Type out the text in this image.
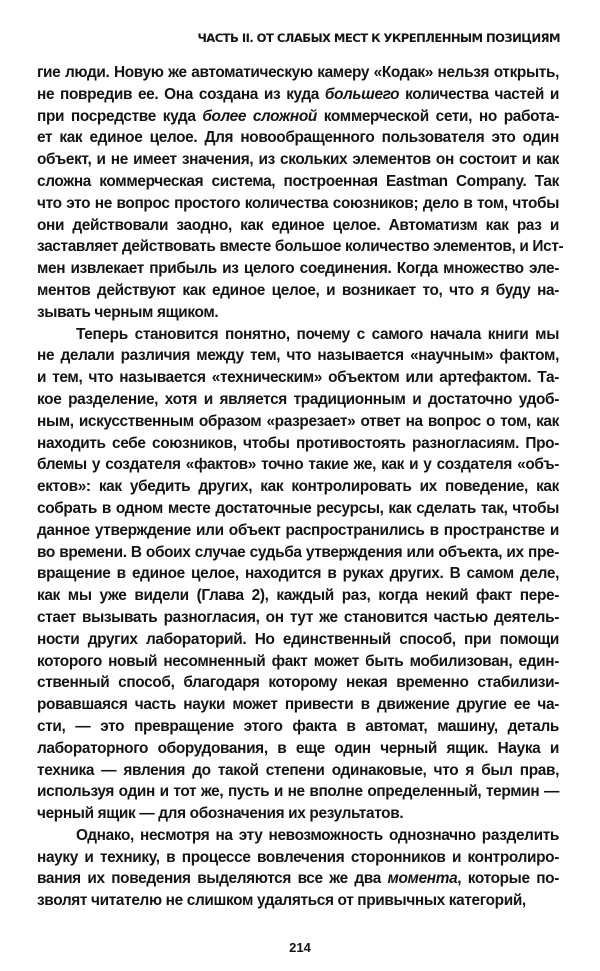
ЧАСТЬ II. ОТ СЛАБЫХ МЕСТ К УКРЕПЛЕННЫМ ПОЗИЦИЯМ
гие люди. Новую же автоматическую камеру «Кодак» нельзя открыть,
не повредив ее. Она создана из куда большего количества частей и
при посредстве куда более сложной коммерческой сети, но работа-
ет как единое целое. Для новообращенного пользователя это один
объект, и не имеет значения, из скольких элементов он состоит и как
сложна коммерческая система, построенная Eastman Company. Так
что это не вопрос простого количества союзников; дело в том, чтобы
они действовали заодно, как единое целое. Автоматизм как раз и
заставляет действовать вместе большое количество элементов, и Ист-
мен извлекает прибыль из целого соединения. Когда множество эле-
ментов действуют как единое целое, и возникает то, что я буду на-
зывать черным ящиком.
Теперь становится понятно, почему с самого начала книги мы
не делали различия между тем, что называется «научным» фактом,
и тем, что называется «техническим» объектом или артефактом. Та-
кое разделение, хотя и является традиционным и достаточно удоб-
ным, искусственным образом «разрезает» ответ на вопрос о том, как
находить себе союзников, чтобы противостоять разногласиям. Про-
блемы у создателя «фактов» точно такие же, как и у создателя «объ-
ектов»: как убедить других, как контролировать их поведение, как
собрать в одном месте достаточные ресурсы, как сделать так, чтобы
данное утверждение или объект распространились в пространстве и
во времени. В обоих случае судьба утверждения или объекта, их пре-
вращение в единое целое, находится в руках других. В самом деле,
как мы уже видели (Глава 2), каждый раз, когда некий факт пере-
стает вызывать разногласия, он тут же становится частью деятель-
ности других лабораторий. Но единственный способ, при помощи
которого новый несомненный факт может быть мобилизован, един-
ственный способ, благодаря которому некая временно стабилизи-
ровавшаяся часть науки может привести в движение другие ее ча-
сти, — это превращение этого факта в автомат, машину, деталь
лабораторного оборудования, в еще один черный ящик. Наука и
техника — явления до такой степени одинаковые, что я был прав,
используя один и тот же, пусть и не вполне определенный, термин —
черный ящик — для обозначения их результатов.
Однако, несмотря на эту невозможность однозначно разделить
науку и технику, в процессе вовлечения сторонников и контролиро-
вания их поведения выделяются все же два момента, которые по-
зволят читателю не слишком удаляться от привычных категорий,
214
